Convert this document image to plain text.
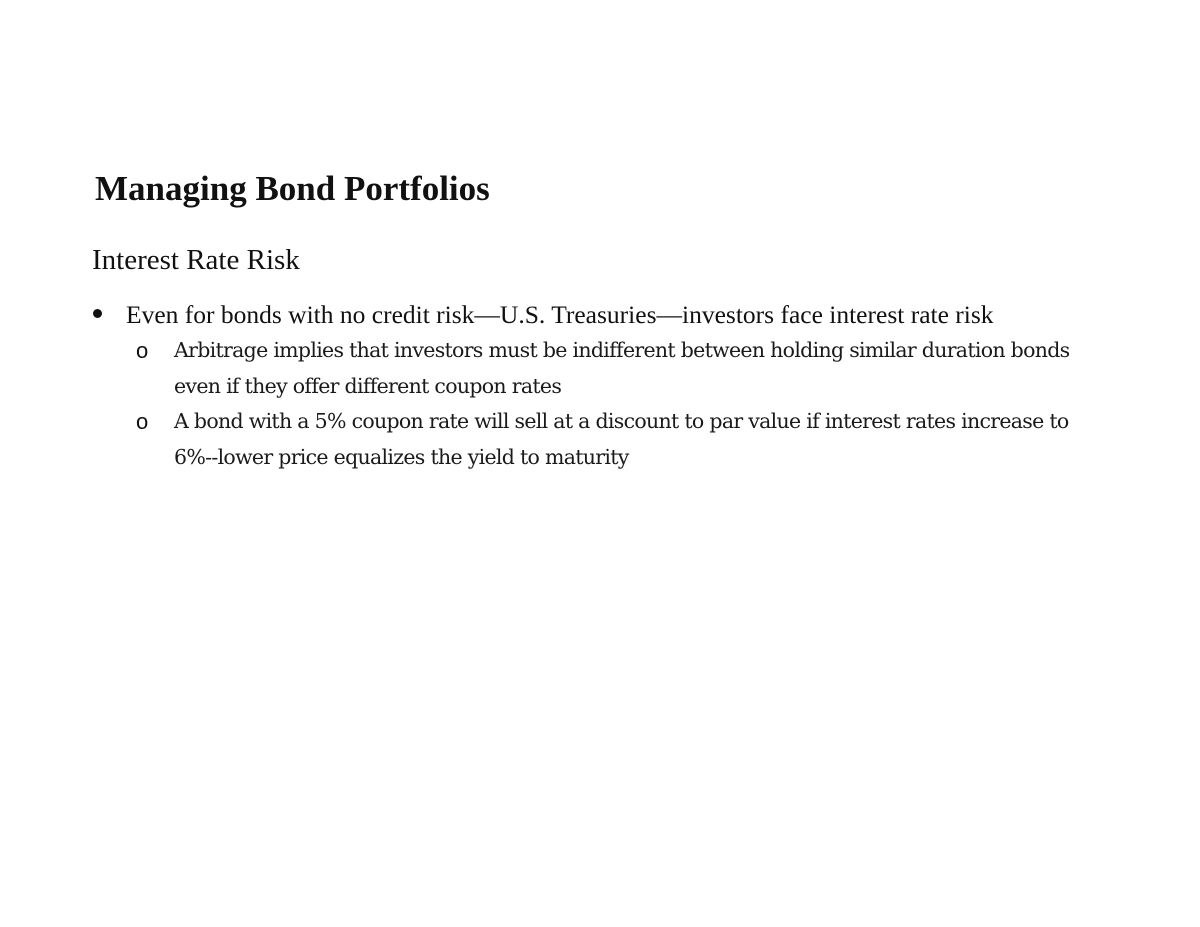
Managing Bond Portfolios
Interest Rate Risk
Even for bonds with no credit risk—U.S. Treasuries—investors face interest rate risk
o Arbitrage implies that investors must be indifferent between holding similar duration bonds even if they offer different coupon rates
o A bond with a 5% coupon rate will sell at a discount to par value if interest rates increase to 6%--lower price equalizes the yield to maturity
